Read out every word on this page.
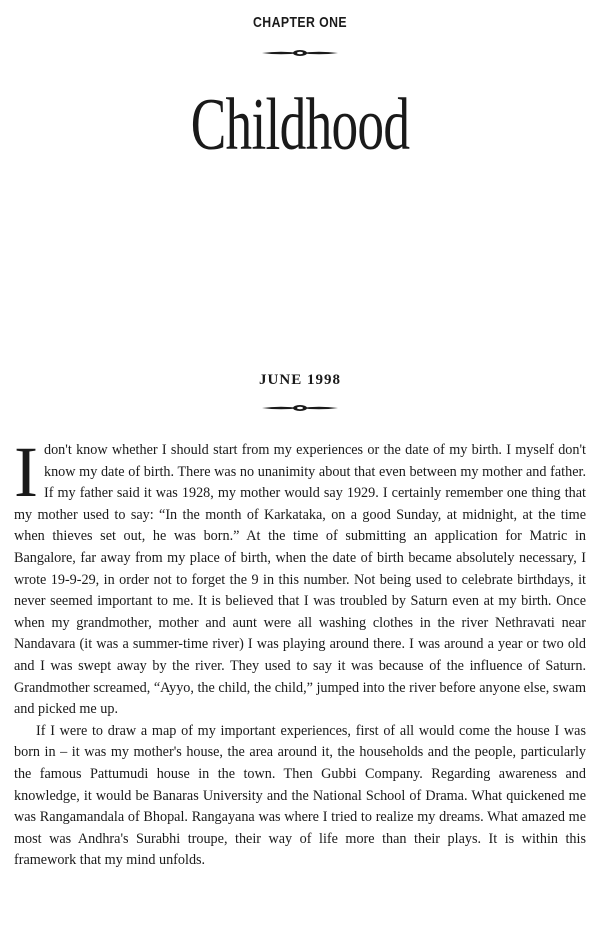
CHAPTER ONE
Childhood
JUNE 1998

Idon't know whether I should start from my experiences or the date of my birth. I myself don't know my date of birth. There was no unanimity about that even between my mother and father. If my father said it was 1928, my mother would say 1929. I certainly remember one thing that my mother used to say: “In the month of Karkataka, on a good Sunday, at midnight, at the time when thieves set out, he was born.” At the time of submitting an application for Matric in Bangalore, far away from my place of birth, when the date of birth became absolutely necessary, I wrote 19-9-29, in order not to forget the 9 in this number. Not being used to celebrate birthdays, it never seemed important to me. It is believed that I was troubled by Saturn even at my birth. Once when my grandmother, mother and aunt were all washing clothes in the river Nethravati near Nandavara (it was a summer-time river) I was playing around there. I was around a year or two old and I was swept away by the river. They used to say it was because of the influence of Saturn. Grandmother screamed, “Ayyo, the child, the child,” jumped into the river before anyone else, swam and picked me up.

If I were to draw a map of my important experiences, first of all would come the house I was born in – it was my mother's house, the area around it, the households and the people, particularly the famous Pattumudi house in the town. Then Gubbi Company. Regarding awareness and knowledge, it would be Banaras University and the National School of Drama. What quickened me was Rangamandala of Bhopal. Rangayana was where I tried to realize my dreams. What amazed me most was Andhra's Surabhi troupe, their way of life more than their plays. It is within this framework that my mind unfolds.
